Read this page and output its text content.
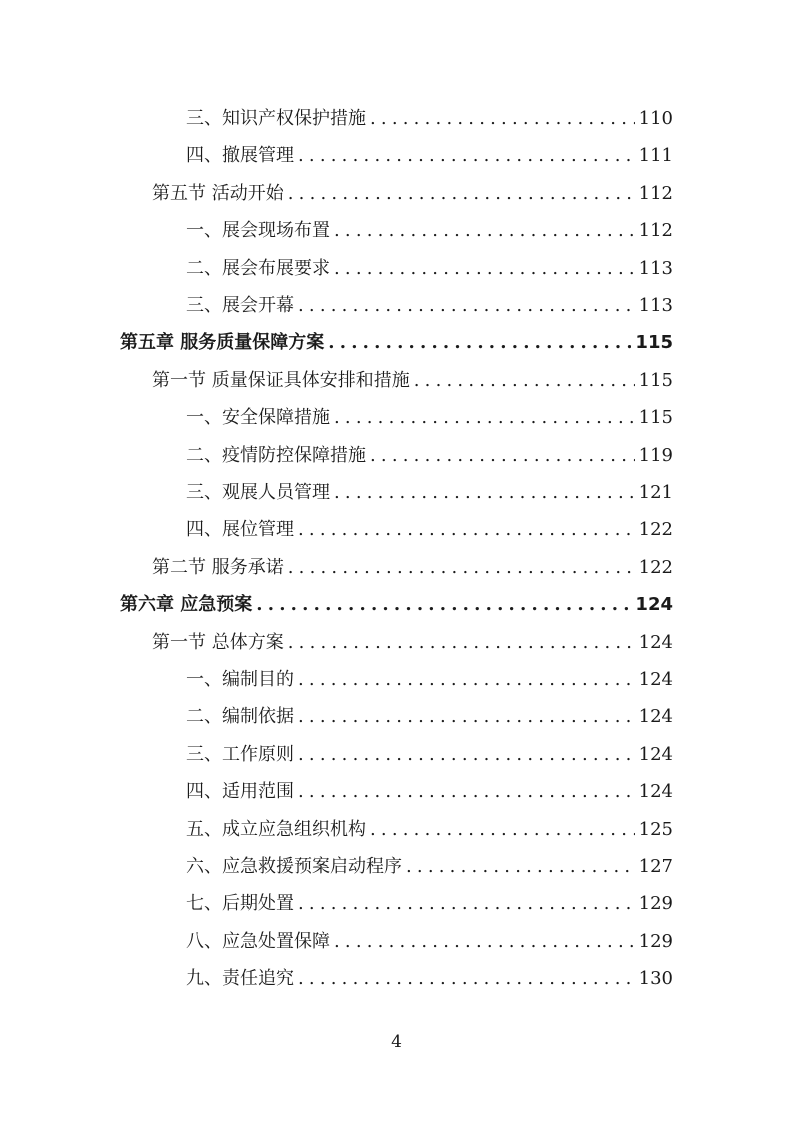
三、知识产权保护措施 .....	110
四、撤展管理 .....	111
第五节 活动开始 .....	112
一、展会现场布置 .....	112
二、展会布展要求 .....	113
三、展会开幕 .....	113
第五章 服务质量保障方案 .....	115
第一节 质量保证具体安排和措施 .....	115
一、安全保障措施 .....	115
二、疫情防控保障措施 .....	119
三、观展人员管理 .....	121
四、展位管理 .....	122
第二节 服务承诺 .....	122
第六章 应急预案 .....	124
第一节 总体方案 .....	124
一、编制目的 .....	124
二、编制依据 .....	124
三、工作原则 .....	124
四、适用范围 .....	124
五、成立应急组织机构 .....	125
六、应急救援预案启动程序 .....	127
七、后期处置 .....	129
八、应急处置保障 .....	129
九、责任追究 .....	130
4
